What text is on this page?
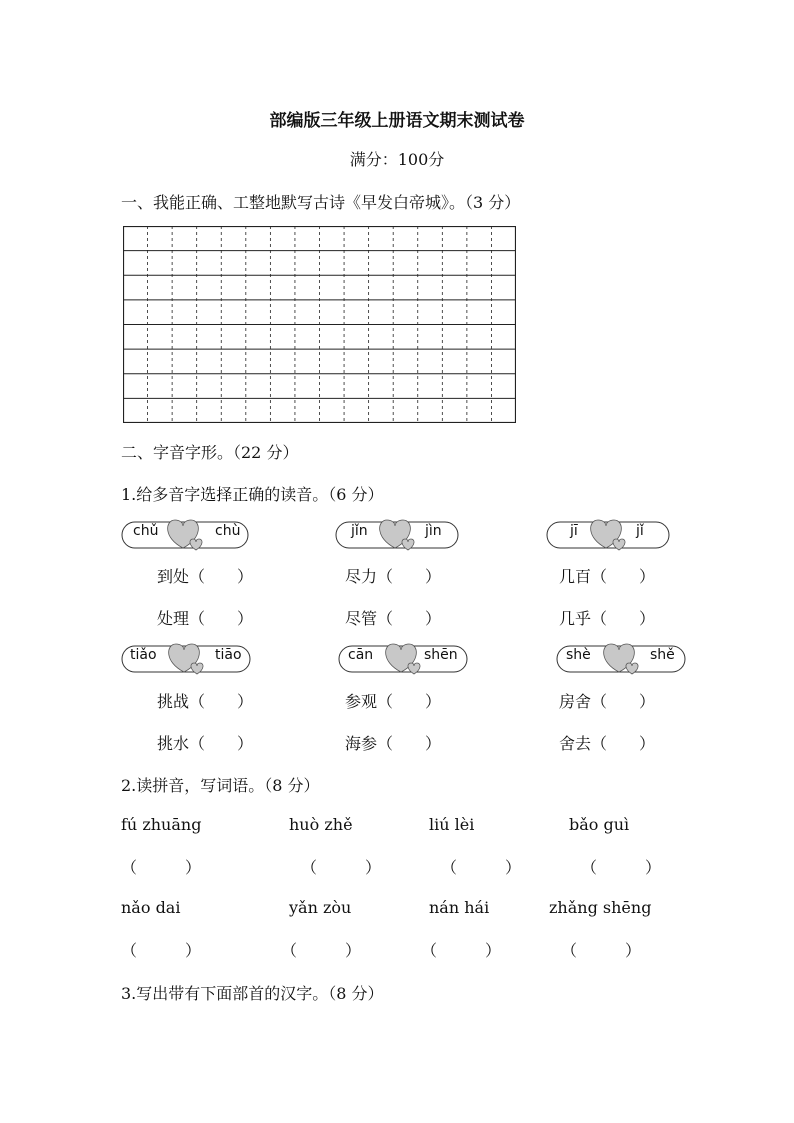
部编版三年级上册语文期末测试卷
满分：100分
一、我能正确、工整地默写古诗《早发白帝城》。（3 分）
二、字音字形。（22 分）
1.给多音字选择正确的读音。（6 分）
chǔ	chù	jǐn	jìn	jī	jǐ
到处（　　）	尽力（　　）	几百（　　）
处理（　　）	尽管（　　）	几乎（　　）
tiǎo	tiāo	cān	shēn	shè	shě
挑战（　　）	参观（　　）	房舍（　　）
挑水（　　）	海参（　　）	舍去（　　）
2.读拼音，写词语。（8 分）
fú zhuāng	huò zhě	liú lèi	bǎo guì
（　　　）	（　　　）	（　　　）	（　　　）
nǎo dai	yǎn zòu	nán hái	zhǎng shēng
（　　　）	（　　　）	（　　　）	（　　　）
3.写出带有下面部首的汉字。（8 分）
